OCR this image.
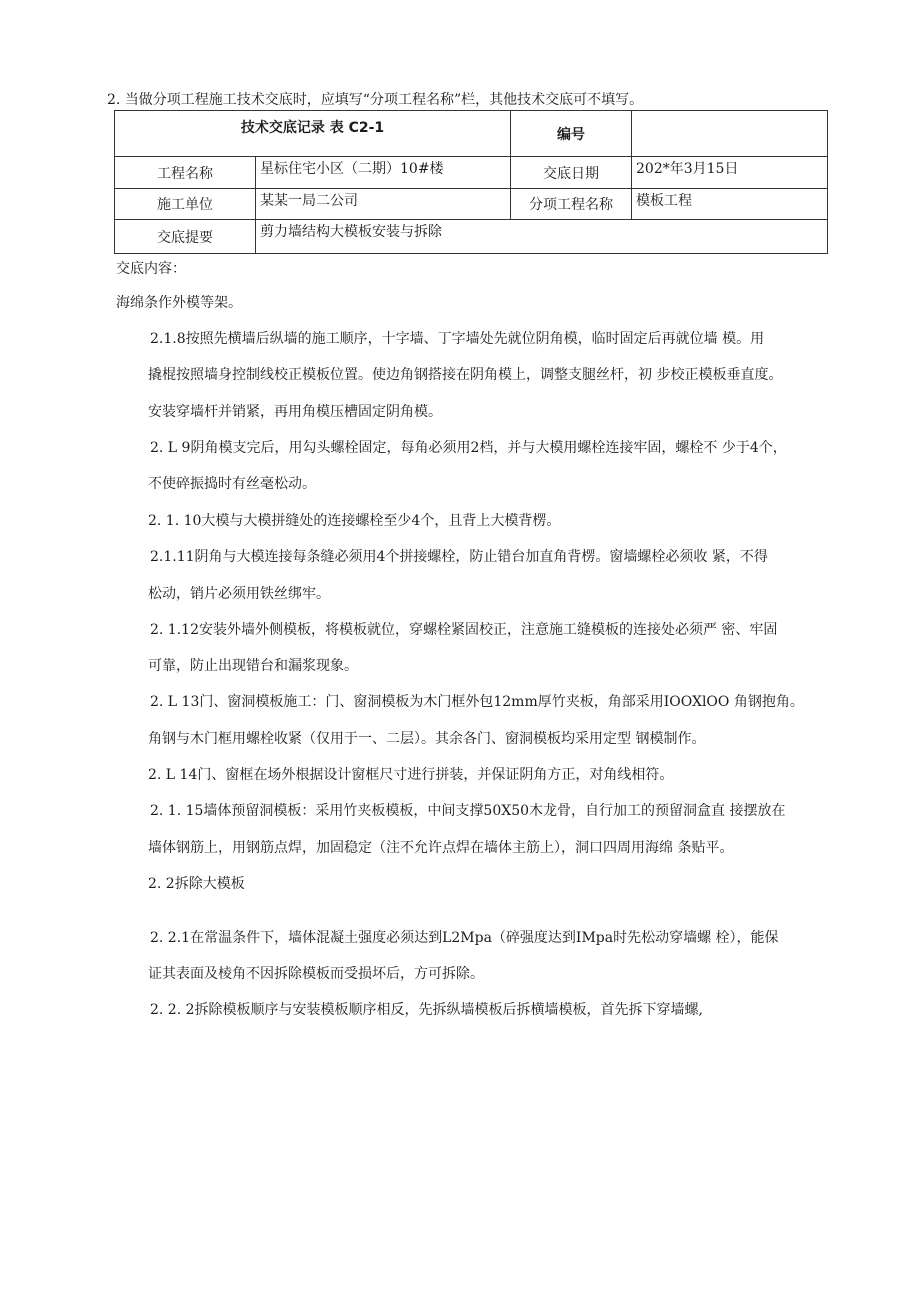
2. 当做分项工程施工技术交底时，应填写“分项工程名称”栏，其他技术交底可不填写。
技术交底记录 表 C2-1		编号	
工程名称	星标住宅小区（二期）10#楼	交底日期	202*年3月15日
施工单位	某某一局二公司	分项工程名称	模板工程
交底提要	剪力墙结构大模板安装与拆除		
交底内容：
海绵条作外模等架。
2.1.8按照先横墙后纵墙的施工顺序，十字墙、丁字墙处先就位阴角模，临时固定后再就位墙 模。用
撬棍按照墙身控制线校正模板位置。使边角钢搭接在阴角模上，调整支腿丝杆，初 步校正模板垂直度。
安装穿墙杆并销紧，再用角模压槽固定阴角模。
2. L 9阴角模支完后，用勾头螺栓固定，每角必须用2档，并与大模用螺栓连接牢固，螺栓不 少于4个，
不使碎振捣时有丝毫松动。
2. 1. 10大模与大模拼缝处的连接螺栓至少4个，且背上大模背楞。
2.1.11阴角与大模连接每条缝必须用4个拼接螺栓，防止错台加直角背楞。窗墙螺栓必须收 紧，不得
松动，销片必须用铁丝绑牢。
2. 1.12安装外墙外侧模板，将模板就位，穿螺栓紧固校正，注意施工缝模板的连接处必须严 密、牢固
可靠，防止出现错台和漏浆现象。
2. L 13门、窗洞模板施工：门、窗洞模板为木门框外包12mm厚竹夹板，角部采用IOOXlOO 角钢抱角。
角钢与木门框用螺栓收紧（仅用于一、二层）。其余各门、窗洞模板均采用定型 钢模制作。
2. L 14门、窗框在场外根据设计窗框尺寸进行拼装，并保证阴角方正，对角线相符。
2. 1. 15墙体预留洞模板：采用竹夹板模板，中间支撑50X50木龙骨，自行加工的预留洞盒直 接摆放在
墙体钢筋上，用钢筋点焊，加固稳定（注不允许点焊在墙体主筋上），洞口四周用海绵 条贴平。
2. 2拆除大模板
2. 2.1在常温条件下，墙体混凝土强度必须达到L2Mpa（碎强度达到IMpa时先松动穿墙螺 栓），能保
证其表面及棱角不因拆除模板而受损坏后，方可拆除。
2. 2. 2拆除模板顺序与安装模板顺序相反，先拆纵墙模板后拆横墙模板，首先拆下穿墙螺,
